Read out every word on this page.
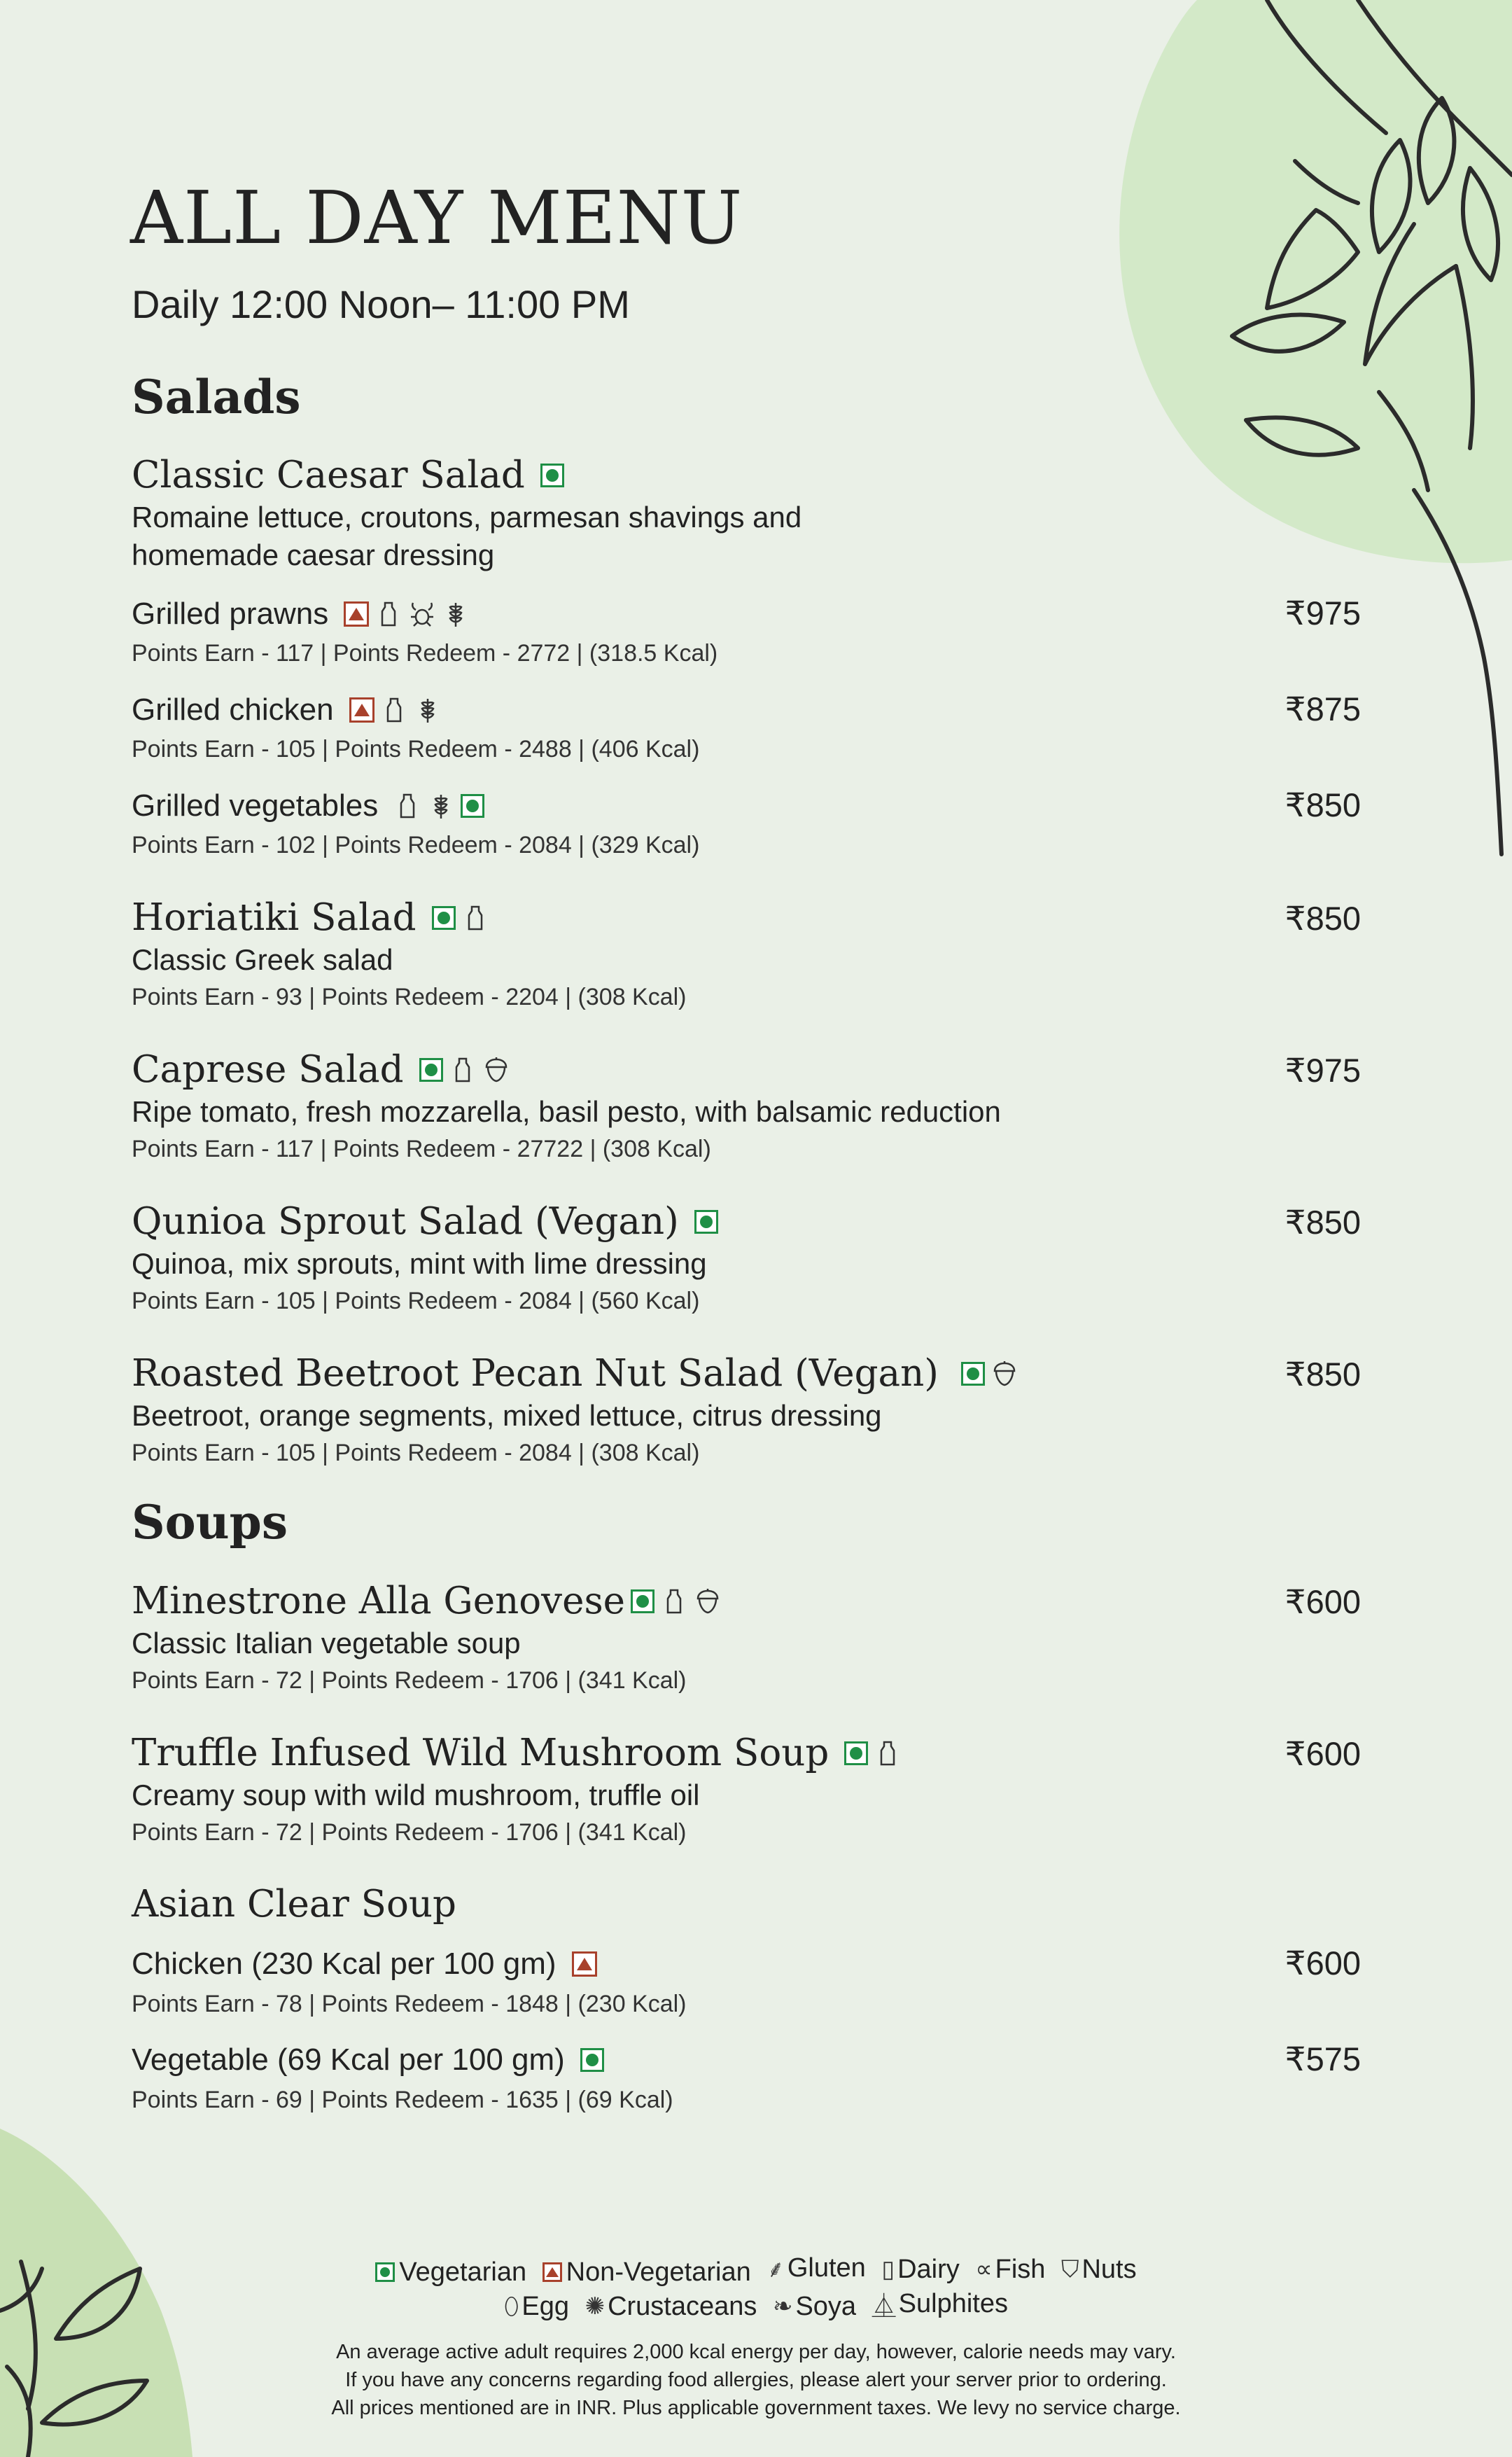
ALL DAY MENU
Daily 12:00 Noon– 11:00 PM
Salads
Classic Caesar Salad
Romaine lettuce, croutons, parmesan shavings and
homemade caesar dressing
Grilled prawns	₹975
Points Earn - 117 | Points Redeem - 2772 | (318.5 Kcal)
Grilled chicken	₹875
Points Earn - 105 | Points Redeem - 2488 | (406 Kcal)
Grilled vegetables	₹850
Points Earn - 102 | Points Redeem - 2084 | (329 Kcal)
Horiatiki Salad	₹850
Classic Greek salad
Points Earn - 93 | Points Redeem - 2204 | (308 Kcal)
Caprese Salad	₹975
Ripe tomato, fresh mozzarella, basil pesto, with balsamic reduction
Points Earn - 117 | Points Redeem - 27722 | (308 Kcal)
Qunioa Sprout Salad (Vegan)	₹850
Quinoa, mix sprouts, mint with lime dressing
Points Earn - 105 | Points Redeem - 2084 | (560 Kcal)
Roasted Beetroot Pecan Nut Salad (Vegan)	₹850
Beetroot, orange segments, mixed lettuce, citrus dressing
Points Earn - 105 | Points Redeem - 2084 | (308 Kcal)
Soups
Minestrone Alla Genovese	₹600
Classic Italian vegetable soup
Points Earn - 72 | Points Redeem - 1706 | (341 Kcal)
Truffle Infused Wild Mushroom Soup	₹600
Creamy soup with wild mushroom, truffle oil
Points Earn - 72 | Points Redeem - 1706 | (341 Kcal)
Asian Clear Soup
Chicken (230 Kcal per 100 gm)	₹600
Points Earn - 78 | Points Redeem - 1848 | (230 Kcal)
Vegetable (69 Kcal per 100 gm)	₹575
Points Earn - 69 | Points Redeem - 1635 | (69 Kcal)
Vegetarian
Non-Vegetarian
⸙ Gluten
▯ Dairy
∝ Fish
⛉ Nuts
⬯ Egg
✺ Crustaceans
❧ Soya
⏅ Sulphites
An average active adult requires 2,000 kcal energy per day, however, calorie needs may vary.
If you have any concerns regarding food allergies, please alert your server prior to ordering.
All prices mentioned are in INR. Plus applicable government taxes. We levy no service charge.
